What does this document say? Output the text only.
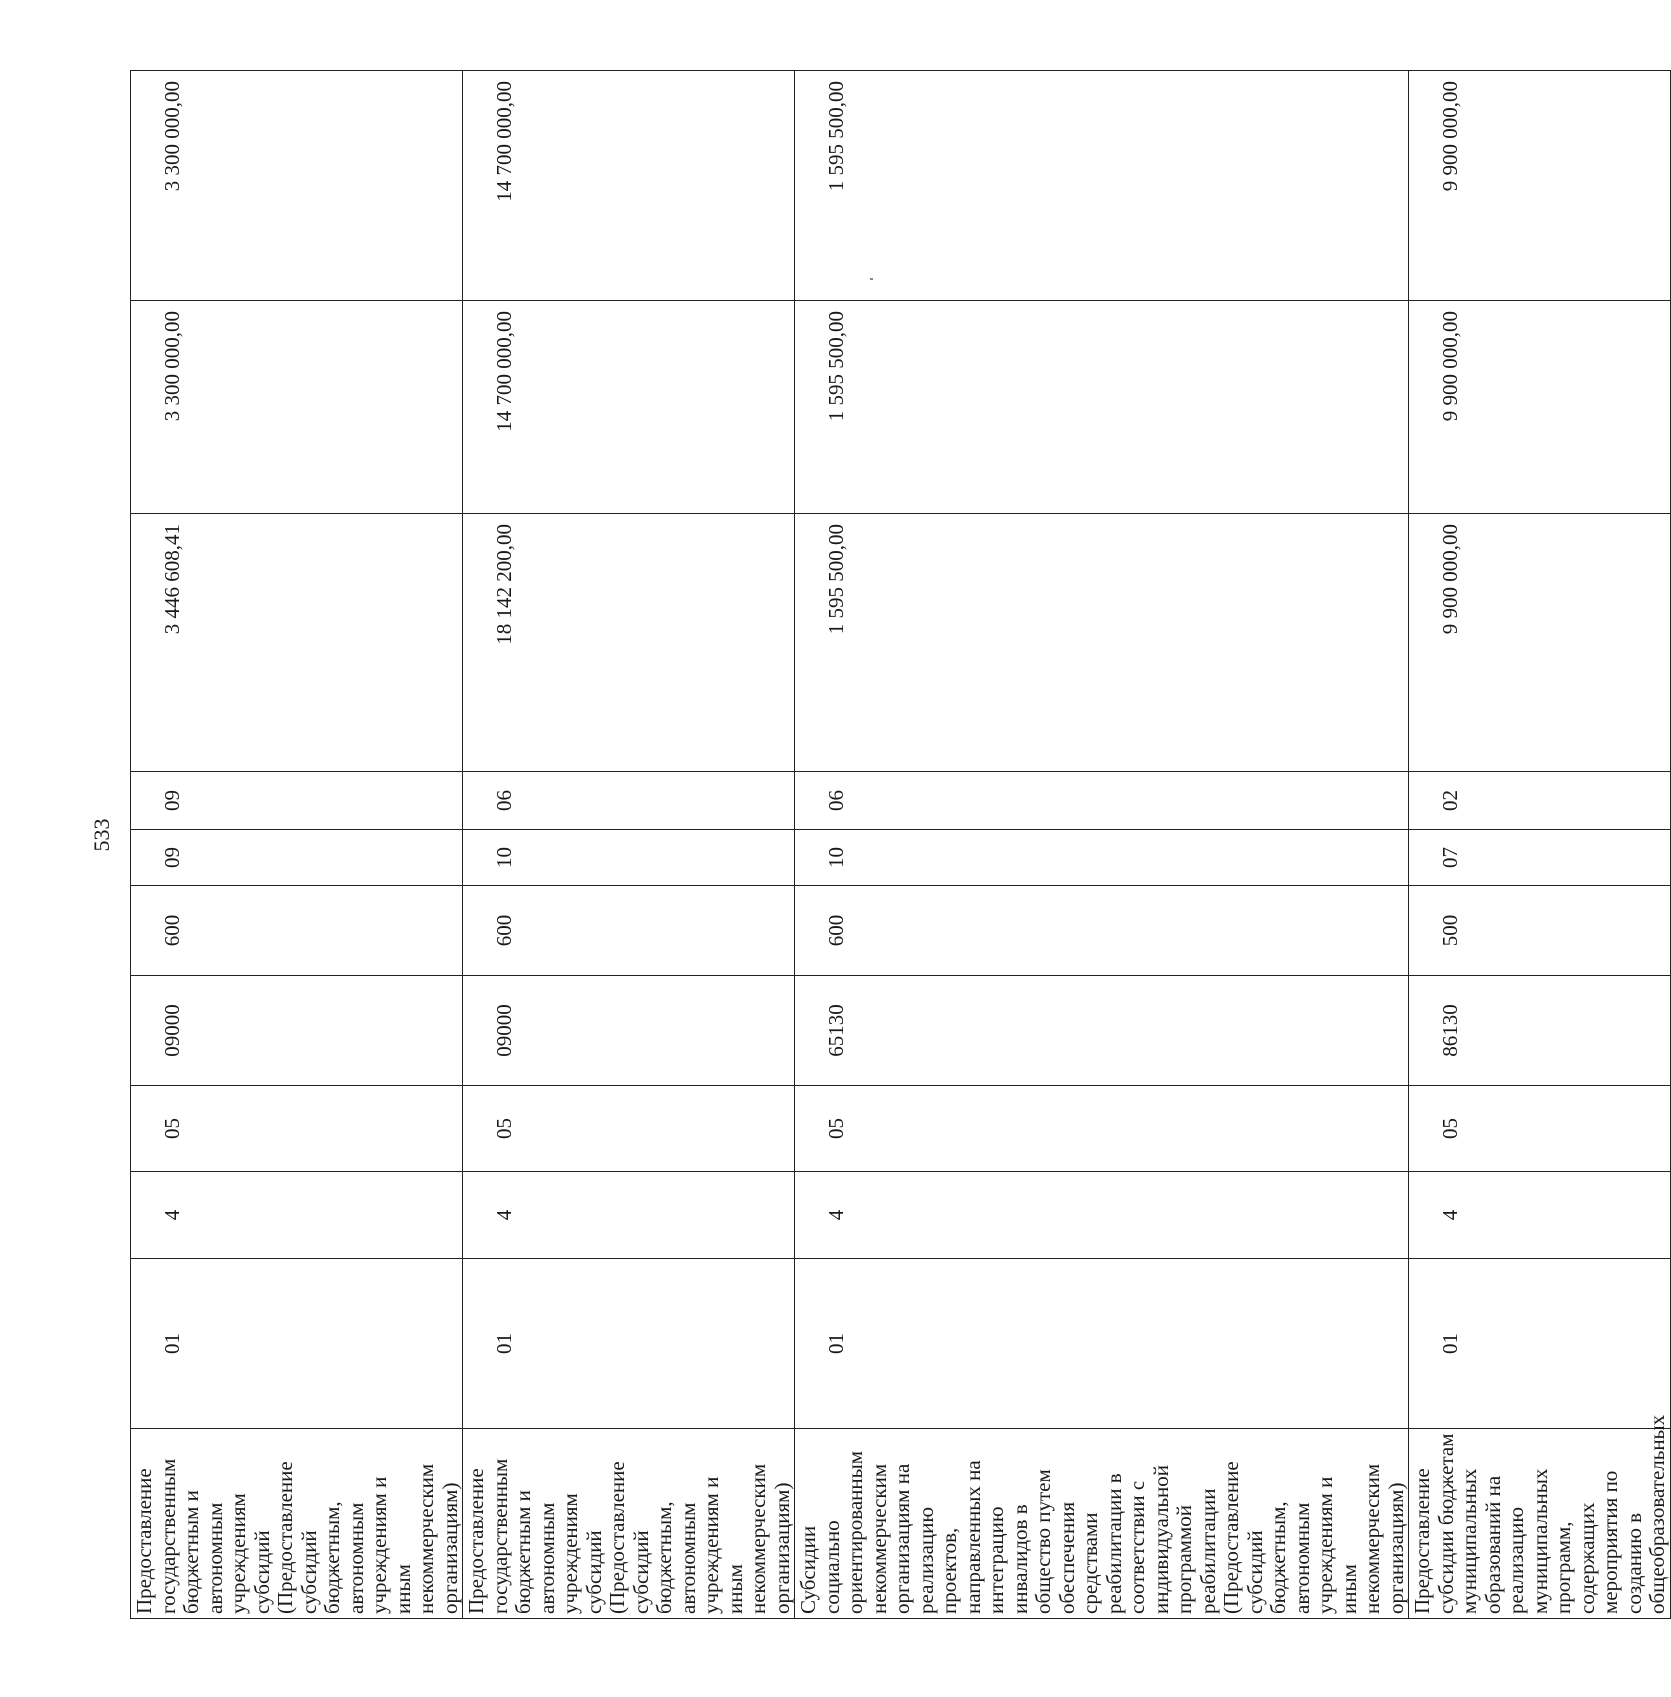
533
Предоставление государственным бюджетным и автономным учреждениям субсидий (Предоставление субсидий бюджетным, автономным учреждениям и иным некоммерческим организациям)	01	4	05	09000	600	09	09	3 446 608,41	3 300 000,00	3 300 000,00
Предоставление государственным бюджетным и автономным учреждениям субсидий (Предоставление субсидий бюджетным, автономным учреждениям и иным некоммерческим организациям)	01	4	05	09000	600	10	06	18 142 200,00	14 700 000,00	14 700 000,00
Субсидии социально ориентированным некоммерческим организациям на реализацию проектов, направленных на интеграцию инвалидов в общество путем обеспечения средствами реабилитации в соответствии с индивидуальной программой реабилитации (Предоставление субсидий бюджетным, автономным учреждениям и иным некоммерческим организациям)	01	4	05	65130	600	10	06	1 595 500,00	1 595 500,00	1 595 500,00
Предоставление субсидии бюджетам муниципальных образований на реализацию муниципальных программ, содержащих мероприятия по созданию в общеобразовательных	01	4	05	86130	500	07	02	9 900 000,00	9 900 000,00	9 900 000,00
